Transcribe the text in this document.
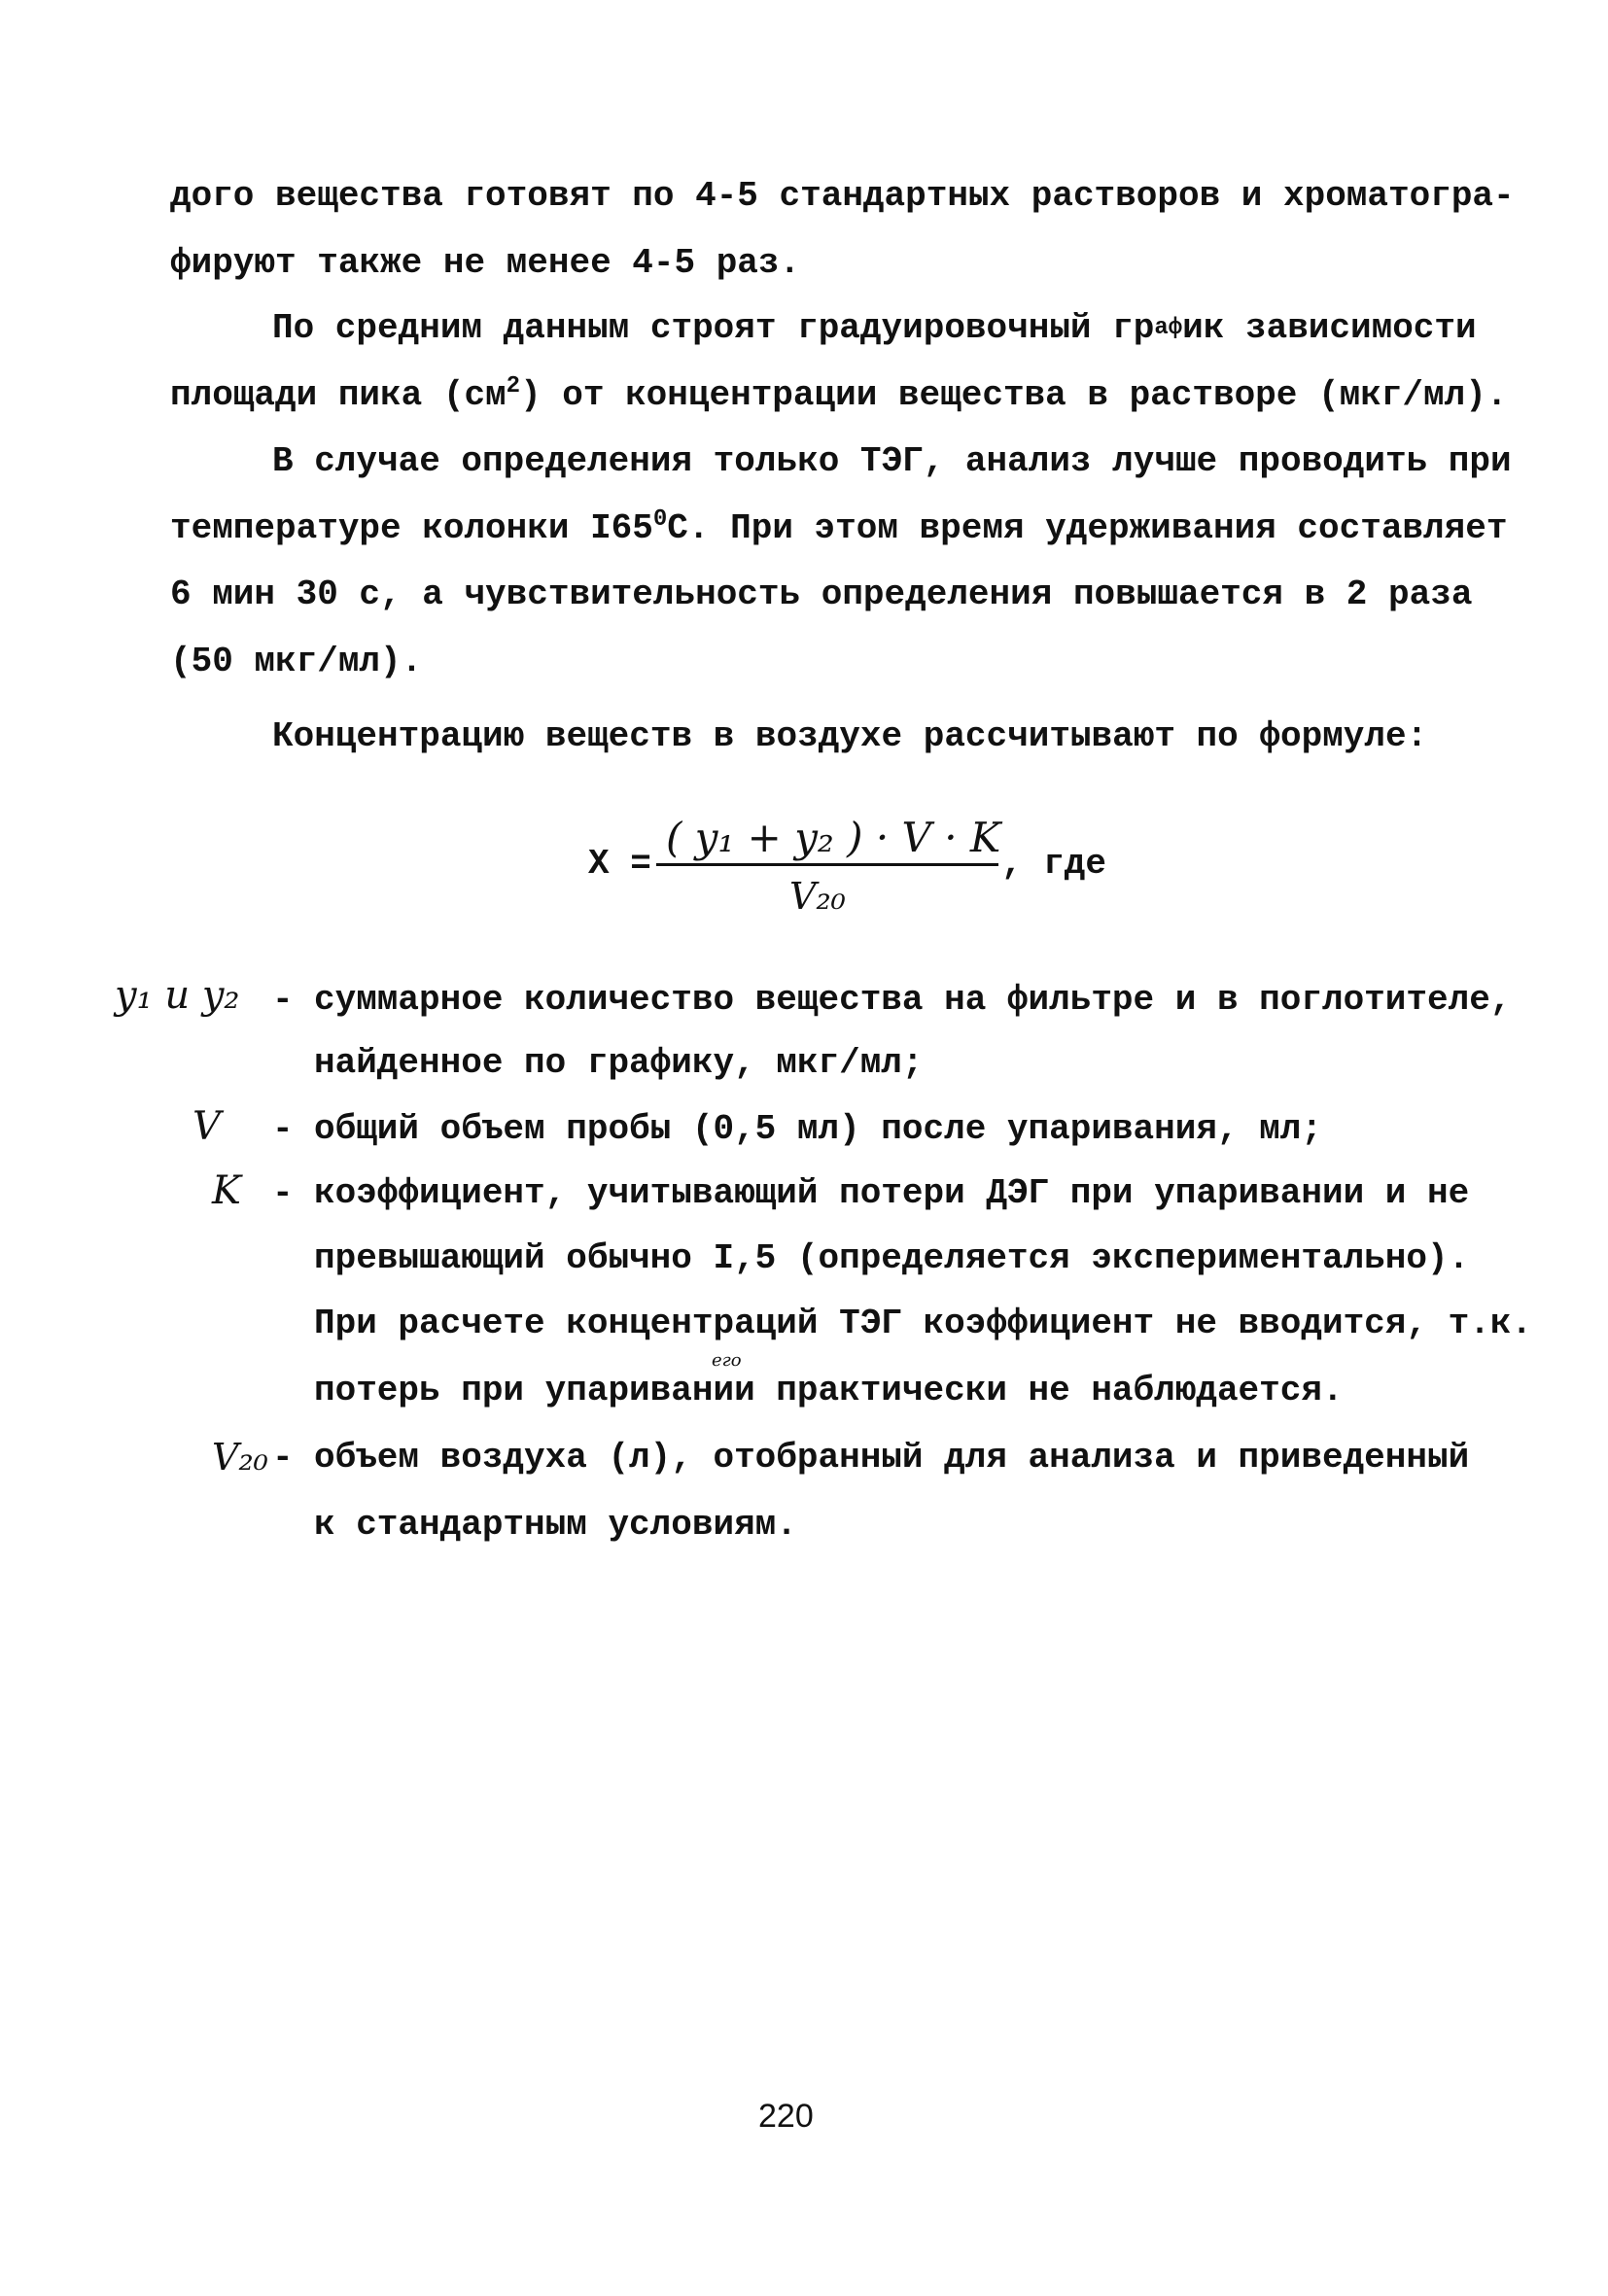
дого вещества готовят по 4-5 стандартных растворов и хроматогра-
фируют также не менее 4-5 раз.
По средним данным строят градуировочный $гр^{аф}ик$ зависимости
площади пика $(см^2)$ от концентрации вещества в растворе (мкг/мл).
В случае определения только ТЭГ, анализ лучше проводить при
температуре колонки $I65^0С$. При этом время удерживания составляет
6 мин 30 с, а чувствительность определения повышается в 2 раза
(50 мкг/мл).
Концентрацию веществ в воздухе рассчитывают по формуле:
Х =
( y₁ + y₂ ) · V · K
V₂₀
, где
y₁ и y₂ - суммарное количество вещества на фильтре и в поглотителе,
найденное по графику, мкг/мл;
V - общий объем пробы (0,5 мл) после упаривания, мл;
K - коэффициент, учитывающий потери ДЭГ при упаривании и не
превышающий обычно I,5 (определяется экспериментально).
При расчете концентраций ТЭГ коэффициент не вводится, т.к.
его
потерь при упаривании практически не наблюдается.
V₂₀ - объем воздуха (л), отобранный для анализа и приведенный
к стандартным условиям.
220
